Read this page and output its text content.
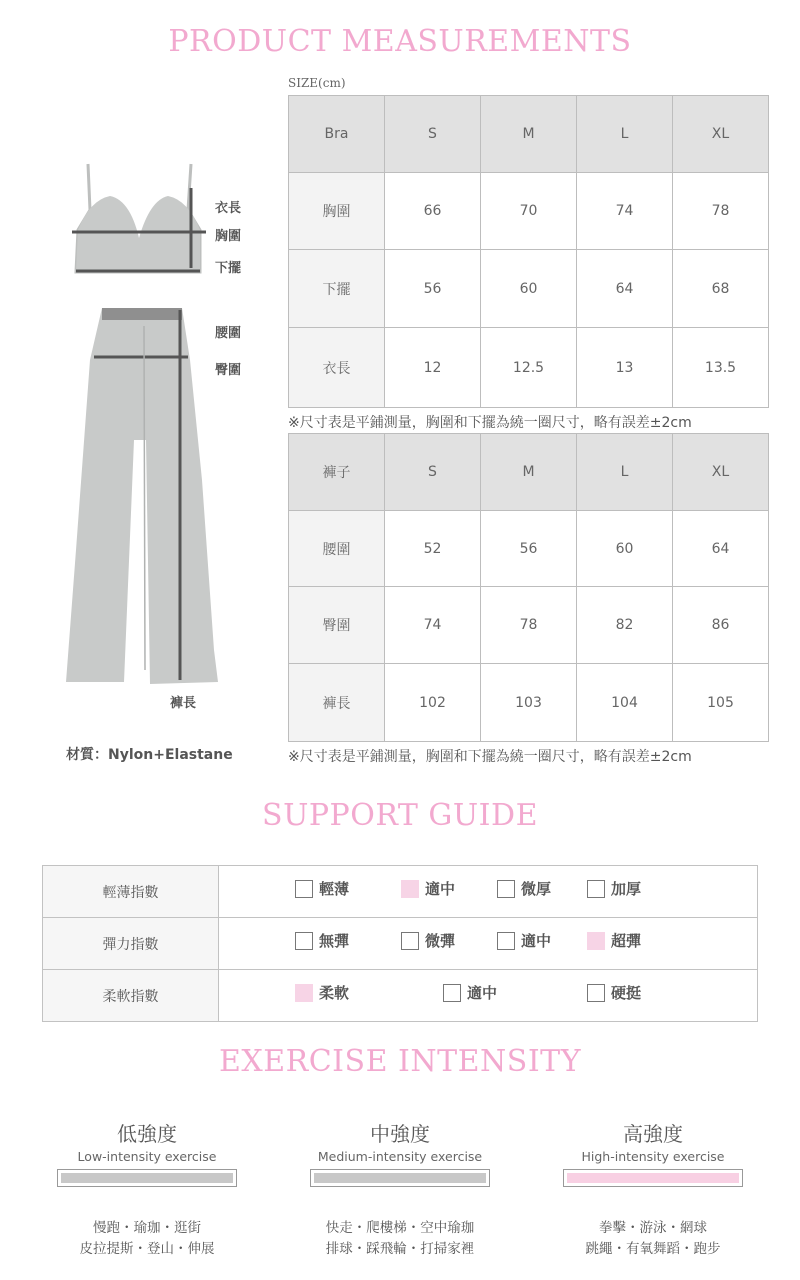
PRODUCT MEASUREMENTS
SIZE(cm)
衣長
胸圍
下擺
腰圍
臀圍
褲長
材質：Nylon+Elastane
Bra	S	M	L	XL
胸圍	66	70	74	78
下擺	56	60	64	68
衣長	12	12.5	13	13.5
※尺寸表是平鋪測量，胸圍和下擺為繞一圈尺寸，略有誤差±2cm
褲子	S	M	L	XL
腰圍	52	56	60	64
臀圍	74	78	82	86
褲長	102	103	104	105
※尺寸表是平鋪測量，胸圍和下擺為繞一圈尺寸，略有誤差±2cm
SUPPORT GUIDE
輕薄指數	輕薄 適中 微厚 加厚

彈力指數	無彈 微彈 適中 超彈

柔軟指數	柔軟 適中 硬挺
EXERCISE INTENSITY
低強度
Low-intensity exercise
慢跑・瑜珈・逛街
皮拉提斯・登山・伸展
中強度
Medium-intensity exercise
快走・爬樓梯・空中瑜珈
排球・踩飛輪・打掃家裡
高強度
High-intensity exercise
拳擊・游泳・網球
跳繩・有氧舞蹈・跑步
